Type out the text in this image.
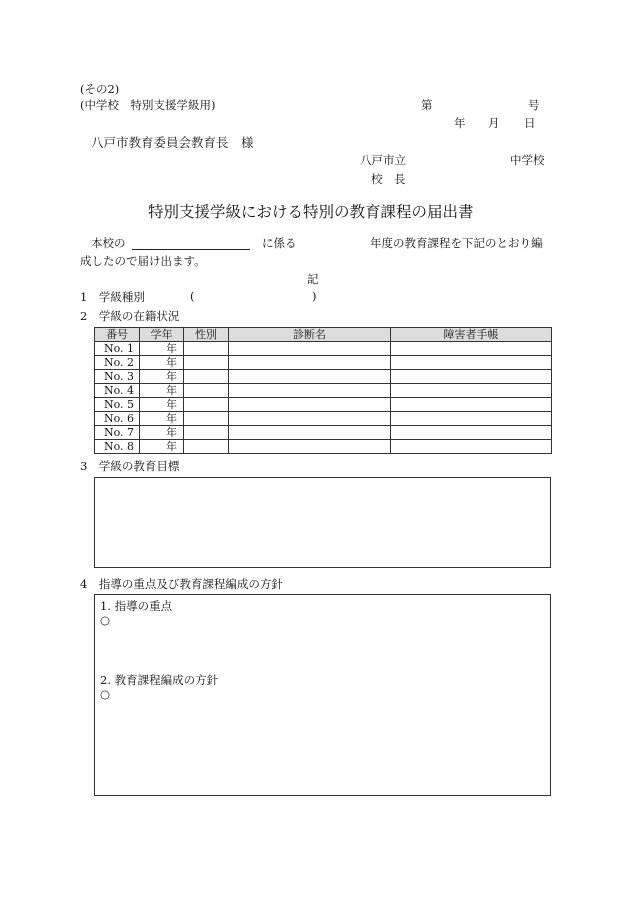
(その2)
(中学校　特別支援学級用)	第	号
年 月 日
八戸市教育委員会教育長　様
八戸市立	中学校
校　長
特別支援学級における特別の教育課程の届出書
本校の	に係る	年度の教育課程を下記のとおり編
成したので届け出ます。
記
1　学級種別	(	)
2　学級の在籍状況
番号	学年	性別	診断名	障害者手帳
No. 1	年			
No. 2	年			
No. 3	年			
No. 4	年			
No. 5	年			
No. 6	年			
No. 7	年			
No. 8	年			
3　学級の教育目標
4　指導の重点及び教育課程編成の方針
1. 指導の重点
○
2. 教育課程編成の方針
○
